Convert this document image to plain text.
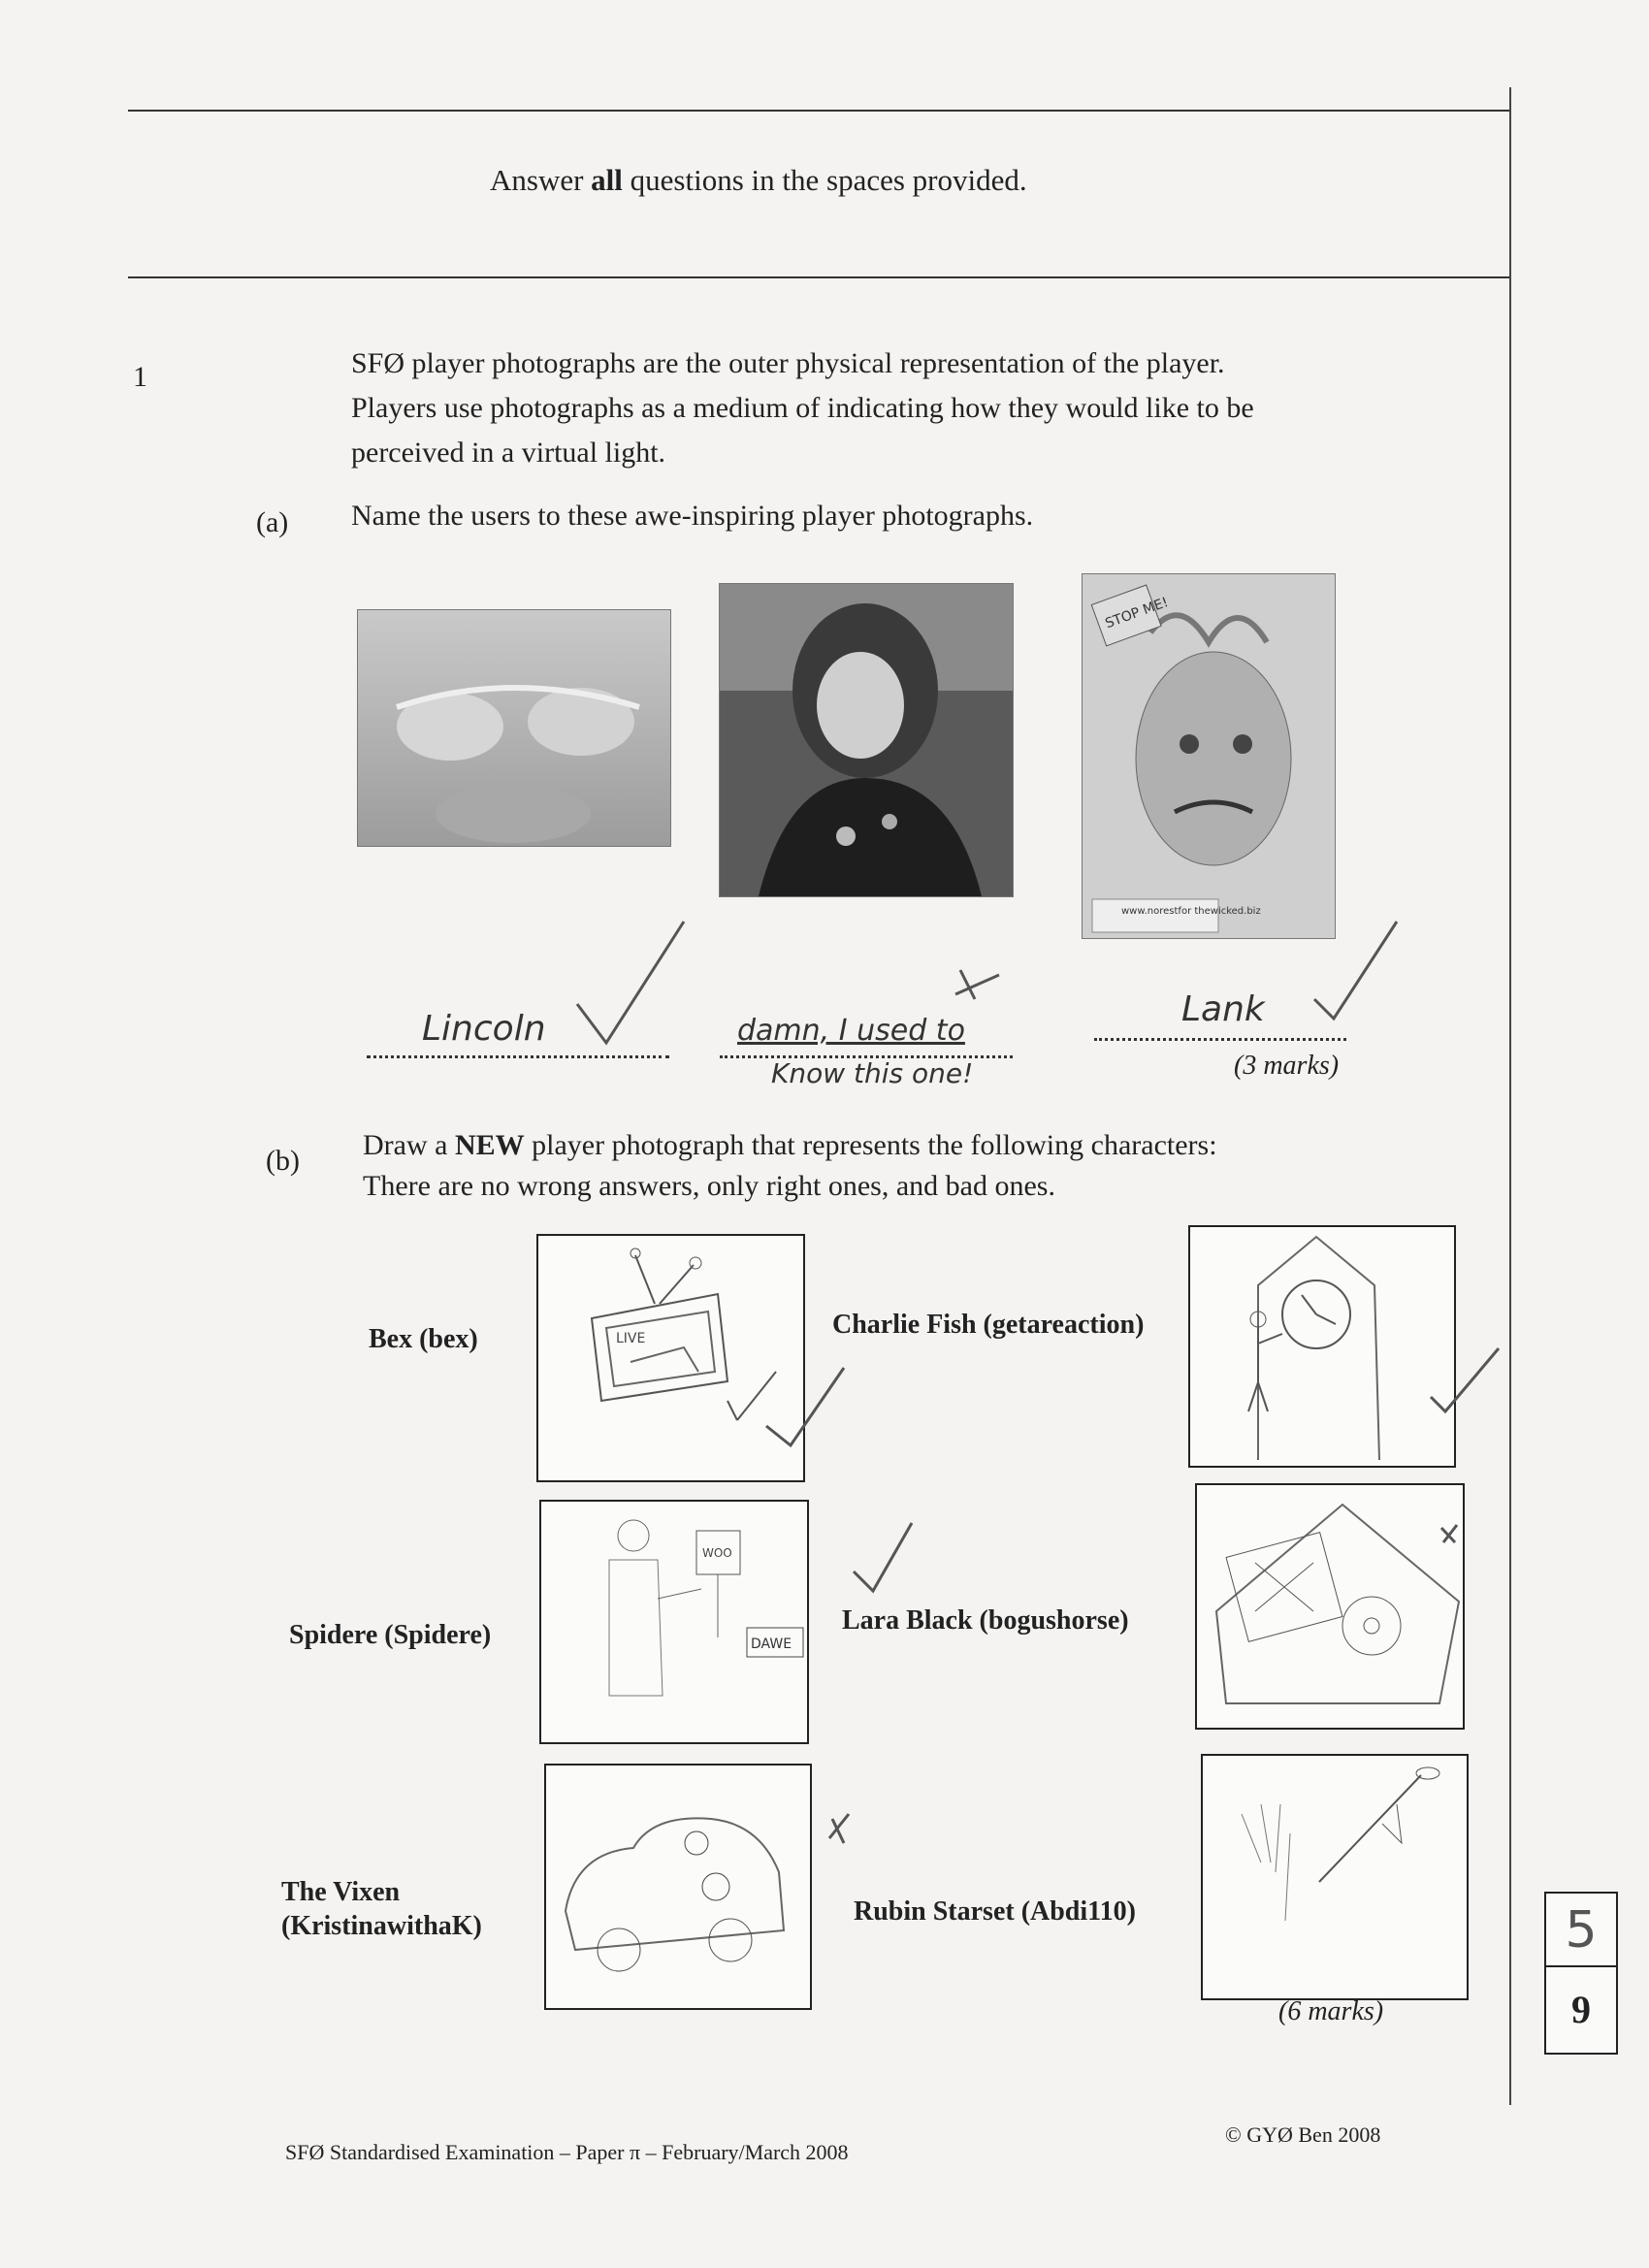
Answer all questions in the spaces provided.
1	SFØ player photographs are the outer physical representation of the player.
Players use photographs as a medium of indicating how they would like to be
perceived in a virtual light.
(a) Name the users to these awe-inspiring player photographs.
STOP ME!
www.norestfor thewicked.biz
Lincoln	damn, I used to
Know this one!
Lank
(3 marks)
(b) Draw a NEW player photograph that represents the following characters:
There are no wrong answers, only right ones, and bad ones.
Bex (bex)	Charlie Fish (getareaction)
Spidere (Spidere)	Lara Black (bogushorse)
The Vixen
(KristinawithaK)	Rubin Starset (Abdi110)
LIVE
WOO
DAWE
(6 marks)
5
9
SFØ Standardised Examination – Paper π – February/March 2008
© GYØ Ben 2008
